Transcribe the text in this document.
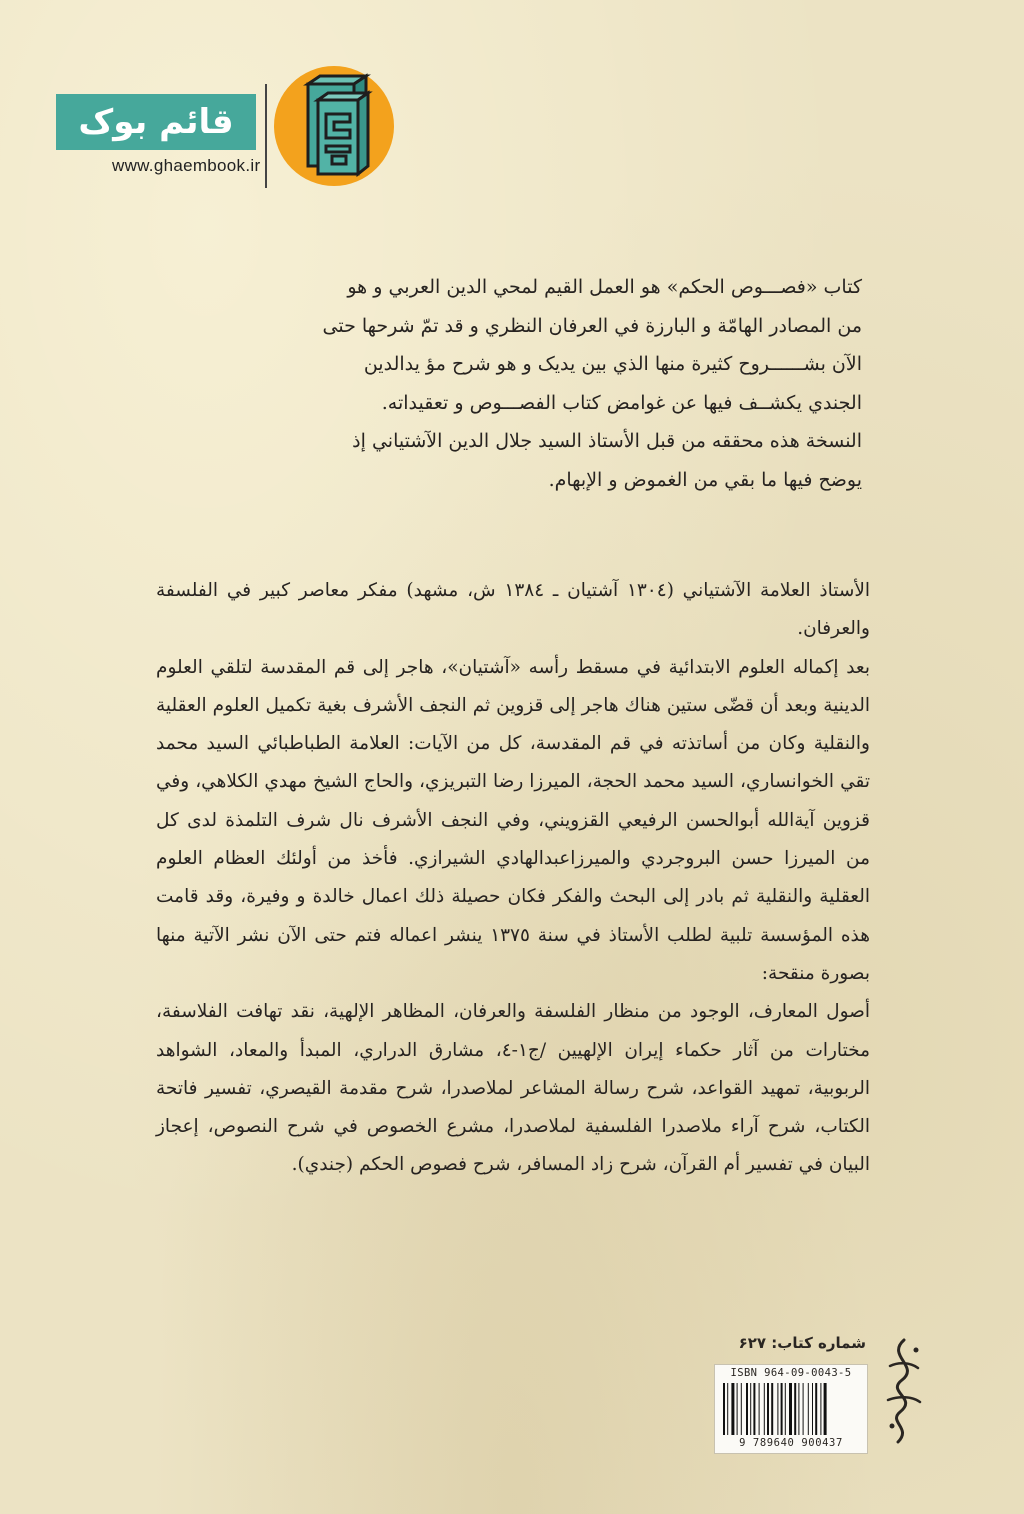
قائم بوک
www.ghaembook.ir

كتاب «فصـــوص الحكم» هو العمل القيم لمحي الدين العربي و هو

من المصادر الهامّة و البارزة في العرفان النظري و قد تمّ شرحها حتى

الآن بشــــــروح كثيرة منها الذي بين يديک و هو شرح مؤ يدالدين

الجندي يكشــف فيها عن غوامض كتاب الفصـــوص و تعقيداته.

النسخة هذه محققه من قبل الأستاذ السيد جلال الدين الآشتياني إذ

يوضح فيها ما بقي من الغموض و الإبهام.

الأستاذ العلامة الآشتياني (١٣٠٤ آشتيان ـ ١٣٨٤ ش، مشهد) مفكر معاصر كبير في الفلسفة والعرفان.

بعد إكماله العلوم الابتدائية في مسقط رأسه «آشتيان»، هاجر إلى قم المقدسة لتلقي العلوم الدينية وبعد أن قضّى ستين هناك هاجر إلى قزوين ثم النجف الأشرف بغية تكميل العلوم العقلية والنقلية وكان من أساتذته في قم المقدسة، كل من الآيات: العلامة الطباطبائي السيد محمد تقي الخوانساري، السيد محمد الحجة، الميرزا رضا التبريزي، والحاج الشيخ مهدي الكلاهي، وفي قزوين آية‌الله أبوالحسن الرفيعي القزويني، وفي النجف الأشرف نال شرف التلمذة لدى كل من الميرزا حسن البروجردي والميرزاعبدالهادي الشيرازي. فأخذ من أولئك العظام العلوم العقلية والنقلية ثم بادر إلى البحث والفكر فكان حصيلة ذلك اعمال خالدة و وفيرة، وقد قامت هذه المؤسسة تلبية لطلب الأستاذ في سنة ١٣٧٥ ينشر اعماله فتم حتى الآن نشر الآتية منها بصورة منقحة:

أصول المعارف، الوجود من منظار الفلسفة والعرفان، المظاهر الإلهية، نقد تهافت الفلاسفة، مختارات من آثار حكماء إيران الإلهيين /ج١-٤، مشارق الدراري، المبدأ والمعاد، الشواهد الربوبية، تمهيد القواعد، شرح رسالة المشاعر لملاصدرا، شرح مقدمة القيصري، تفسير فاتحة الكتاب، شرح آراء ملاصدرا الفلسفية لملاصدرا، مشرع الخصوص في شرح النصوص، إعجاز البيان في تفسير أم القرآن، شرح زاد المسافر، شرح فصوص الحكم (جندي).

شماره کتاب: ۶۲۷
ISBN 964-09-0043-5
9 789640 900437
